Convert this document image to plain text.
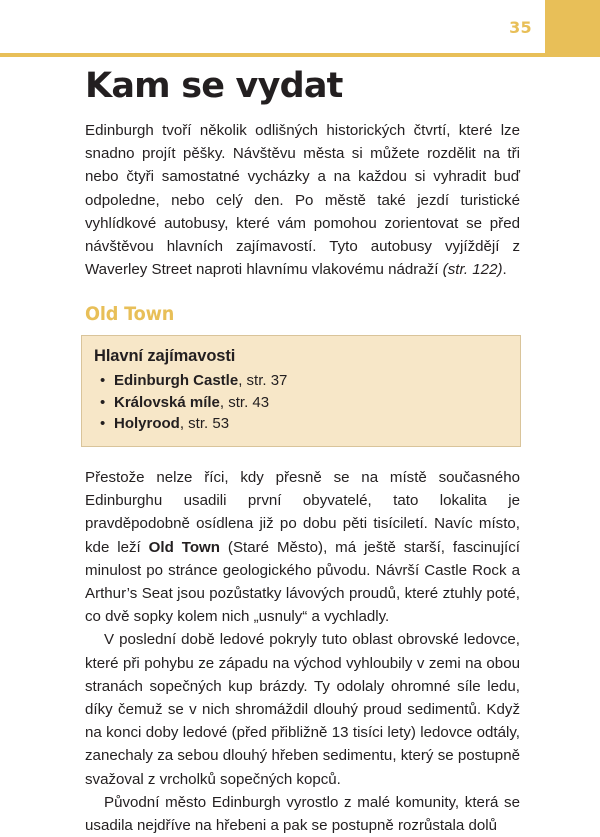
35
Kam se vydat

Edinburgh tvoří několik odlišných historických čtvrtí, které lze snadno projít pěšky. Návštěvu města si můžete rozdělit na tři nebo čtyři samostatné vycházky a na každou si vyhradit buď odpoledne, nebo celý den. Po městě také jezdí turistické vyhlídkové autobusy, které vám pomohou zorientovat se před návštěvou hlavních zajímavostí. Tyto autobusy vyjíždějí z Waverley Street naproti hlavnímu vlakovému nádraží (str. 122).

Old Town
Hlavní zajímavosti
• Edinburgh Castle, str. 37
• Královská míle, str. 43
• Holyrood, str. 53

Přestože nelze říci, kdy přesně se na místě současného Edinburghu usadili první obyvatelé, tato lokalita je pravděpodobně osídlena již po dobu pěti tisíciletí. Navíc místo, kde leží Old Town (Staré Město), má ještě starší, fascinující minulost po stránce geologického původu. Návrší Castle Rock a Arthur’s Seat jsou pozůstatky lávových proudů, které ztuhly poté, co dvě sopky kolem nich „usnuly“ a vychladly.

V poslední době ledové pokryly tuto oblast obrovské ledovce, které při pohybu ze západu na východ vyhloubily v zemi na obou stranách sopečných kup brázdy. Ty odolaly ohromné síle ledu, díky čemuž se v nich shromáždil dlouhý proud sedimentů. Když na konci doby ledové (před přibližně 13 tisíci lety) ledovce odtály, zanechaly za sebou dlouhý hřeben sedimentu, který se postupně svažoval z vrcholků sopečných kopců.

Původní město Edinburgh vyrostlo z malé komunity, která se usadila nejdříve na hřebeni a pak se postupně rozrůstala dolů
